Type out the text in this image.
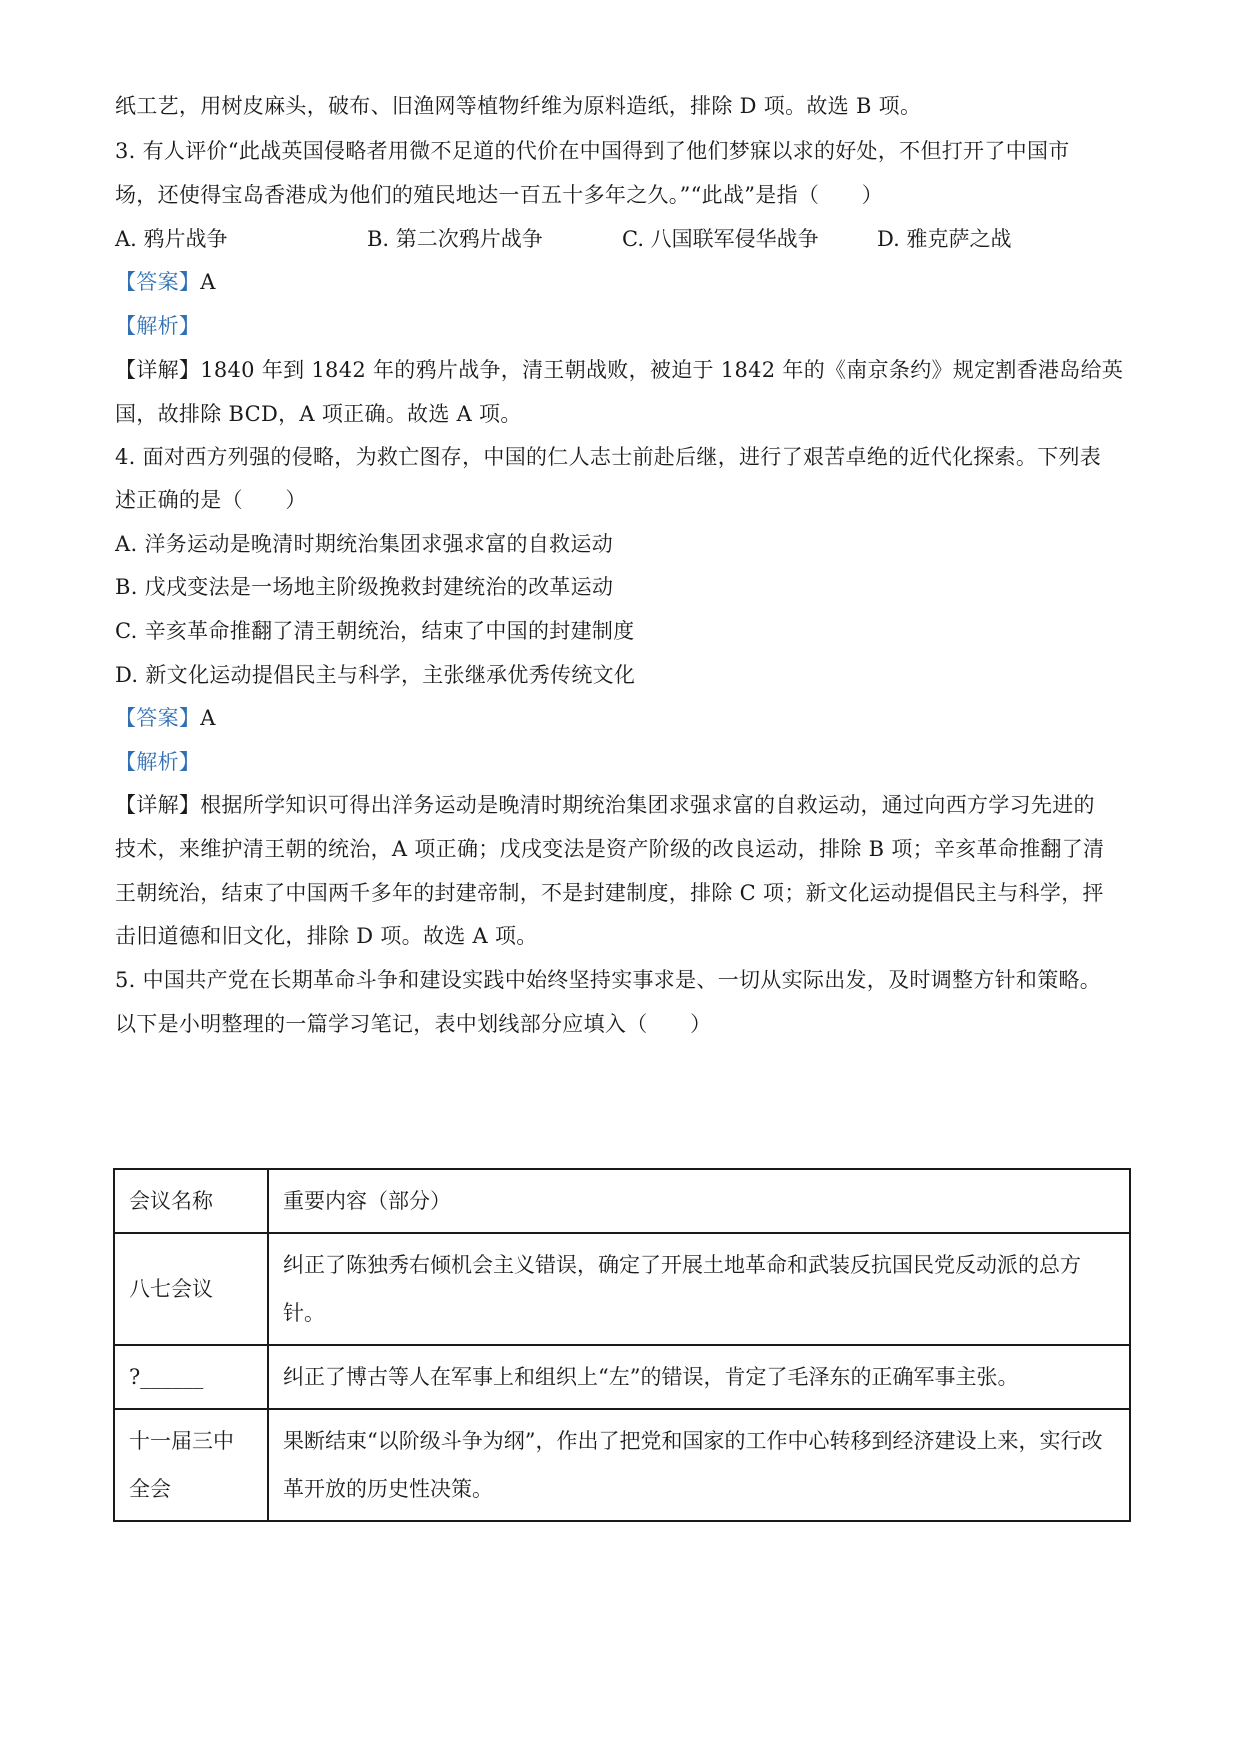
纸工艺，用树皮麻头，破布、旧渔网等植物纤维为原料造纸，排除 D 项。故选 B 项。
3. 有人评价“此战英国侵略者用微不足道的代价在中国得到了他们梦寐以求的好处，不但打开了中国市
场，还使得宝岛香港成为他们的殖民地达一百五十多年之久。”“此战”是指（　　）
A. 鸦片战争	B. 第二次鸦片战争	C. 八国联军侵华战争	D. 雅克萨之战
【答案】A
【解析】
【详解】1840 年到 1842 年的鸦片战争，清王朝战败，被迫于 1842 年的《南京条约》规定割香港岛给英
国，故排除 BCD，A 项正确。故选 A 项。
4. 面对西方列强的侵略，为救亡图存，中国的仁人志士前赴后继，进行了艰苦卓绝的近代化探索。下列表
述正确的是（　　）
A. 洋务运动是晚清时期统治集团求强求富的自救运动
B. 戊戌变法是一场地主阶级挽救封建统治的改革运动
C. 辛亥革命推翻了清王朝统治，结束了中国的封建制度
D. 新文化运动提倡民主与科学，主张继承优秀传统文化
【答案】A
【解析】
【详解】根据所学知识可得出洋务运动是晚清时期统治集团求强求富的自救运动，通过向西方学习先进的
技术，来维护清王朝的统治，A 项正确；戊戌变法是资产阶级的改良运动，排除 B 项；辛亥革命推翻了清
王朝统治，结束了中国两千多年的封建帝制，不是封建制度，排除 C 项；新文化运动提倡民主与科学，抨
击旧道德和旧文化，排除 D 项。故选 A 项。
5. 中国共产党在长期革命斗争和建设实践中始终坚持实事求是、一切从实际出发，及时调整方针和策略。
以下是小明整理的一篇学习笔记，表中划线部分应填入（　　）
会议名称	重要内容（部分）
八七会议	纠正了陈独秀右倾机会主义错误，确定了开展土地革命和武装反抗国民党反动派的总方针。
?______	纠正了博古等人在军事上和组织上“左”的错误，肯定了毛泽东的正确军事主张。
十一届三中全会	果断结束“以阶级斗争为纲”，作出了把党和国家的工作中心转移到经济建设上来，实行改革开放的历史性决策。
